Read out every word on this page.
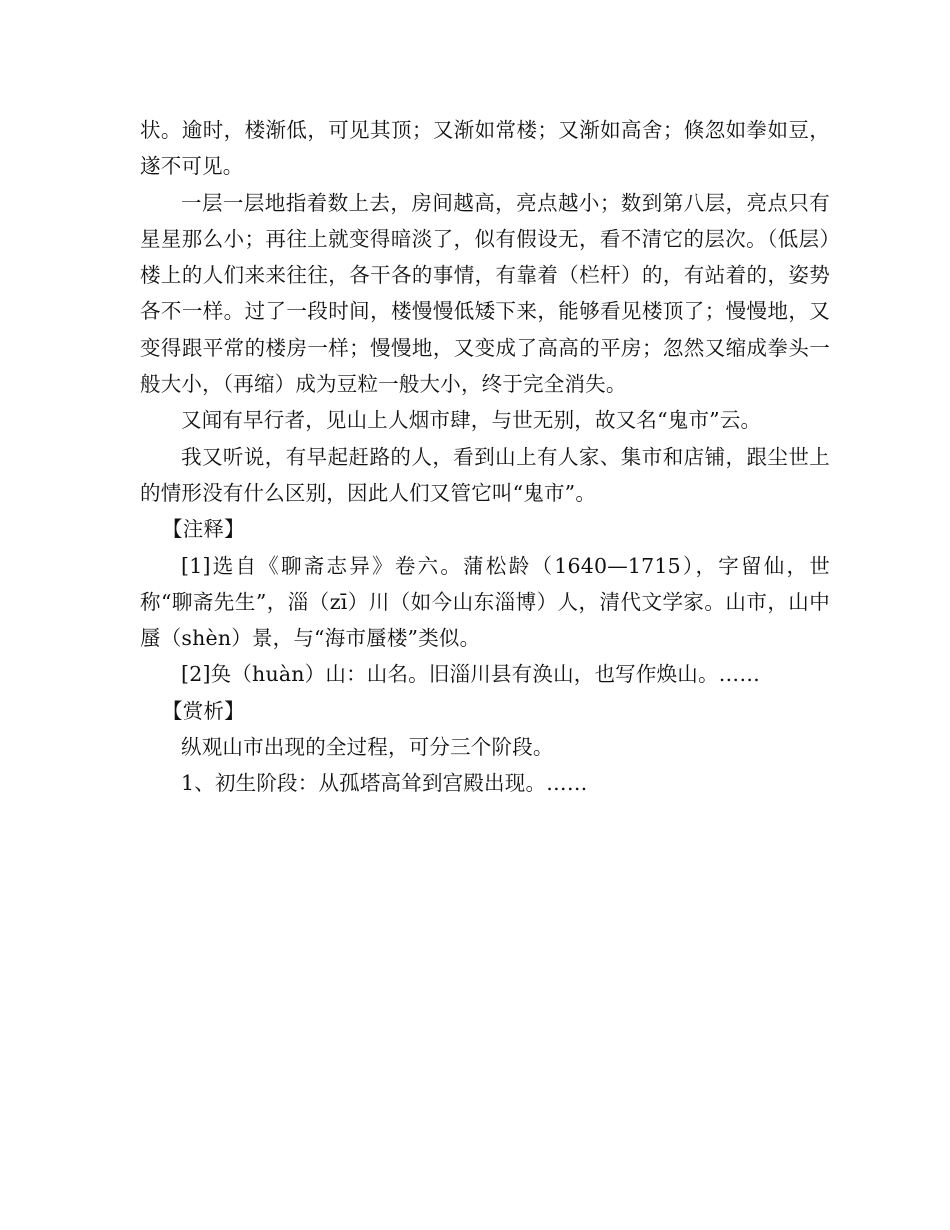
状。逾时，楼渐低，可见其顶；又渐如常楼；又渐如高舍；倏忽如拳如豆，遂不可见。

一层一层地指着数上去，房间越高，亮点越小；数到第八层，亮点只有星星那么小；再往上就变得暗淡了，似有假设无，看不清它的层次。（低层）楼上的人们来来往往，各干各的事情，有靠着（栏杆）的，有站着的，姿势各不一样。过了一段时间，楼慢慢低矮下来，能够看见楼顶了；慢慢地，又变得跟平常的楼房一样；慢慢地，又变成了高高的平房；忽然又缩成拳头一般大小，（再缩）成为豆粒一般大小，终于完全消失。

又闻有早行者，见山上人烟市肆，与世无别，故又名“鬼市”云。

我又听说，有早起赶路的人，看到山上有人家、集市和店铺，跟尘世上的情形没有什么区别，因此人们又管它叫“鬼市”。

【注释】

[1]选自《聊斋志异》卷六。蒲松龄（1640—1715），字留仙，世称“聊斋先生”，淄（zī）川（如今山东淄博）人，清代文学家。山市，山中蜃（shèn）景，与“海市蜃楼”类似。

[2]奂（huàn）山：山名。旧淄川县有涣山，也写作焕山。……

【赏析】

纵观山市出现的全过程，可分三个阶段。

1、初生阶段：从孤塔高耸到宫殿出现。……
